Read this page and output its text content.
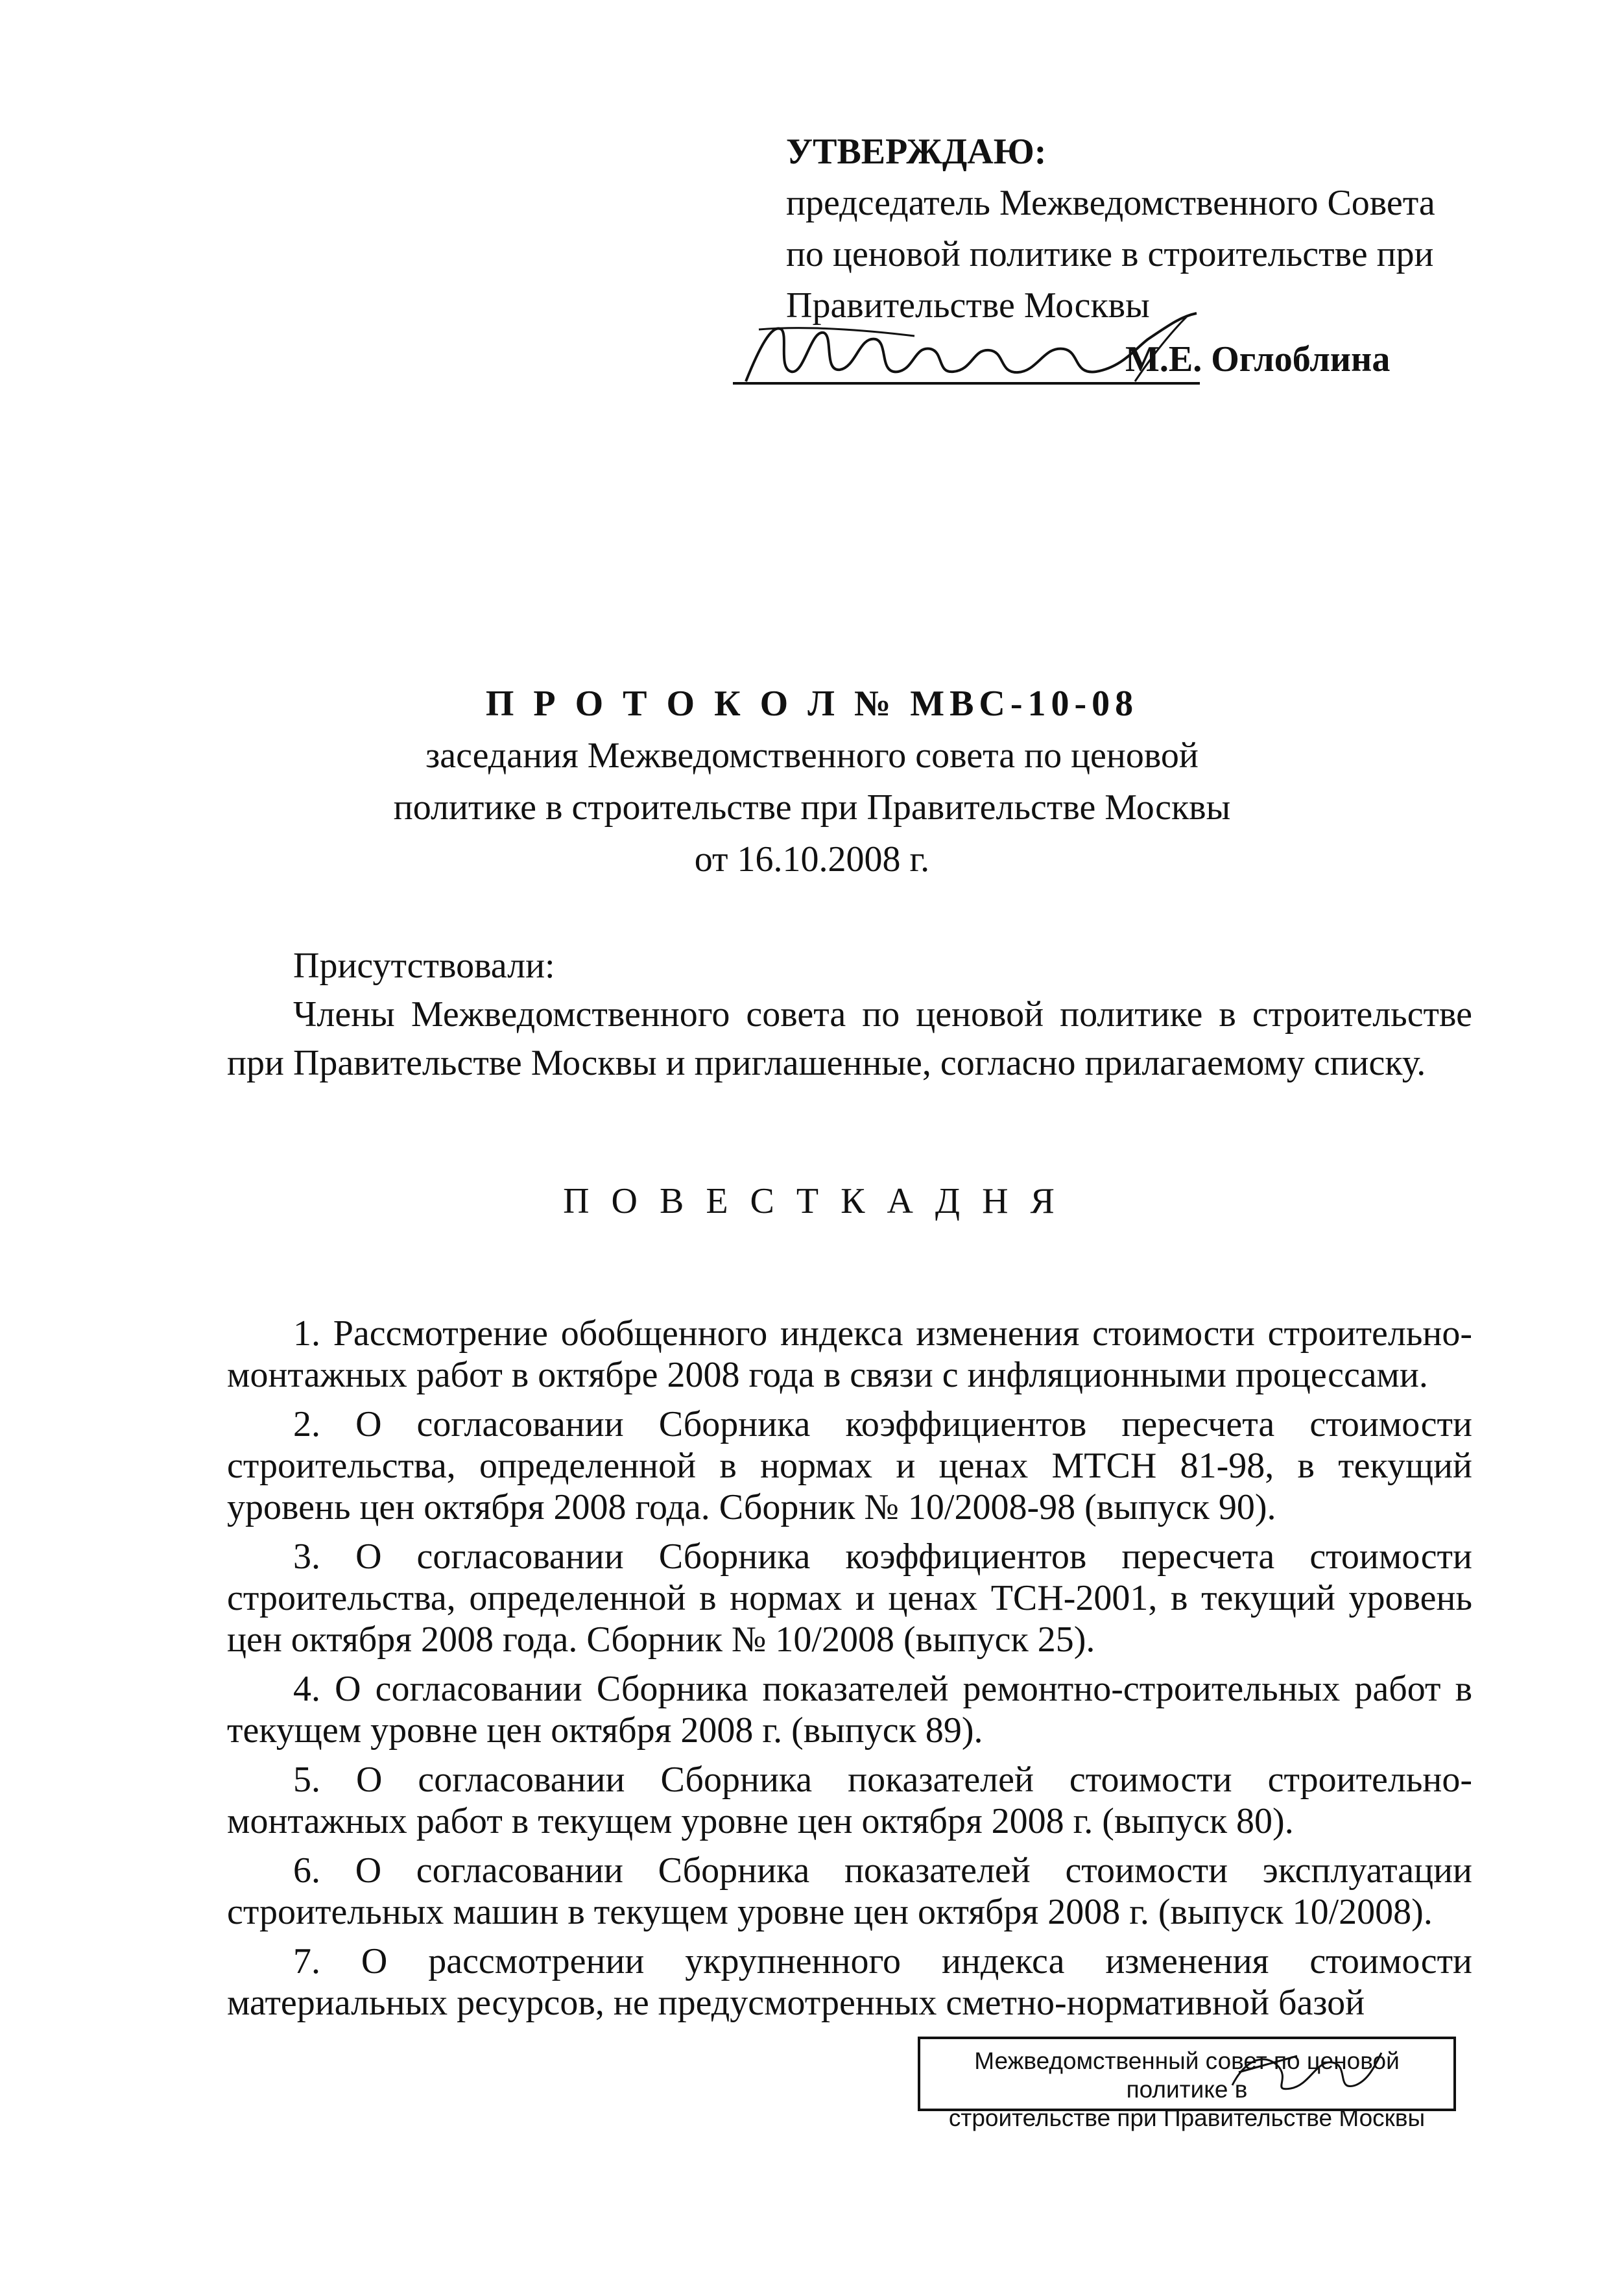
УТВЕРЖДАЮ:
председатель Межведомственного Совета
по ценовой политике в строительстве при
Правительстве Москвы
М.Е. Оглоблина
П Р О Т О К О Л № МВС-10-08
заседания Межведомственного совета по ценовой
политике в строительстве при Правительстве Москвы
от 16.10.2008 г.
Присутствовали:
Члены Межведомственного совета по ценовой политике в строительстве при Правительстве Москвы и приглашенные, согласно прилагаемому списку.
П О В Е С Т К А Д Н Я
1. Рассмотрение обобщенного индекса изменения стоимости строительно-монтажных работ в октябре 2008 года в связи с инфляционными процессами.
2. О согласовании Сборника коэффициентов пересчета стоимости строительства, определенной в нормах и ценах МТСН 81-98, в текущий уровень цен октября 2008 года. Сборник № 10/2008-98 (выпуск 90).
3. О согласовании Сборника коэффициентов пересчета стоимости строительства, определенной в нормах и ценах ТСН-2001, в текущий уровень цен октября 2008 года. Сборник № 10/2008 (выпуск 25).
4. О согласовании Сборника показателей ремонтно-строительных работ в текущем уровне цен октября 2008 г. (выпуск 89).
5. О согласовании Сборника показателей стоимости строительно-монтажных работ в текущем уровне цен октября 2008 г. (выпуск 80).
6. О согласовании Сборника показателей стоимости эксплуатации строительных машин в текущем уровне цен октября 2008 г. (выпуск 10/2008).
7. О рассмотрении укрупненного индекса изменения стоимости материальных ресурсов, не предусмотренных сметно-нормативной базой
Межведомственный совет по ценовой политике в
строительстве при Правительстве Москвы
